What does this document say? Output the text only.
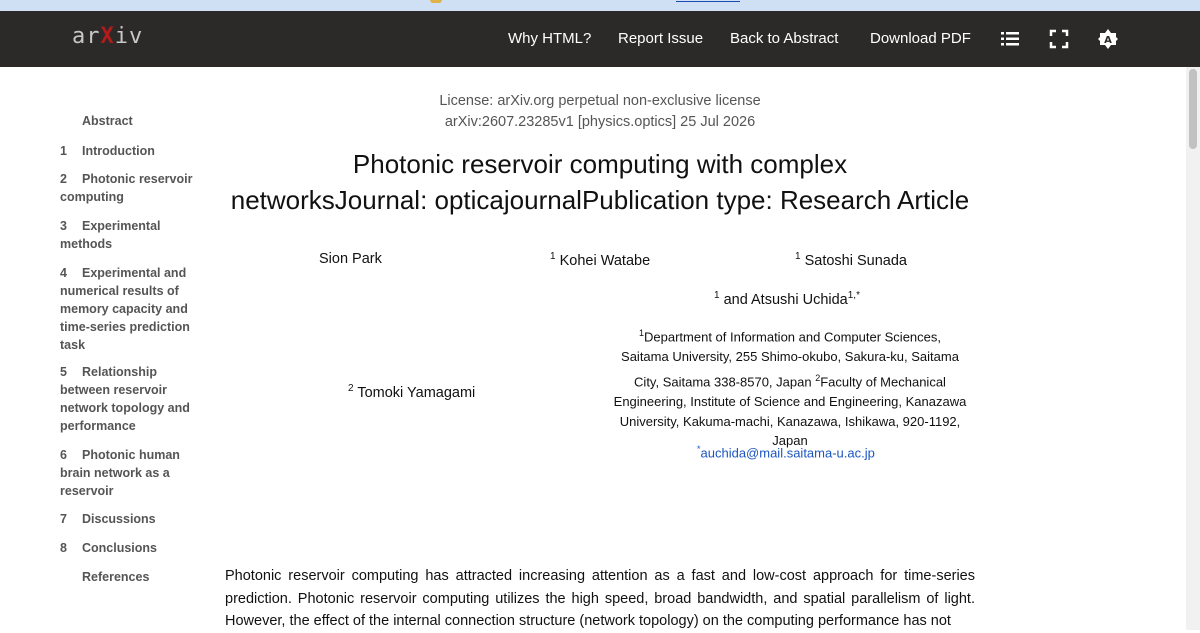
arXiv	Why HTML? Report Issue Back to Abstract Download PDF	A
Abstract
1 Introduction
2 Photonic reservoir computing
3 Experimental methods
4 Experimental and numerical results of memory capacity and time-series prediction task
5 Relationship between reservoir network topology and performance
6 Photonic human brain network as a reservoir
7 Discussions
8 Conclusions
References
License: arXiv.org perpetual non-exclusive license
arXiv:2607.23285v1 [physics.optics] 25 Jul 2026
Photonic reservoir computing with complex
networksJournal: opticajournalPublication type: Research Article
Sion Park	$^1$ Kohei Watabe	$^1$ Satoshi Sunada
$^1$ and Atsushi Uchida$^{1,*}$
$^2$ Tomoki Yamagami
$^1$Department of Information and Computer Sciences,
Saitama University, 255 Shimo-okubo, Sakura-ku, Saitama
City, Saitama 338-8570, Japan $^2$Faculty of Mechanical
Engineering, Institute of Science and Engineering, Kanazawa
University, Kakuma-machi, Kanazawa, Ishikawa, 920-1192,
Japan
*auchida@mail.saitama-u.ac.jp

Photonic reservoir computing has attracted increasing attention as a fast and low-cost approach for time-series prediction. Photonic reservoir computing utilizes the high speed, broad bandwidth, and spatial parallelism of light. However, the effect of the internal connection structure (network topology) on the computing performance has not
